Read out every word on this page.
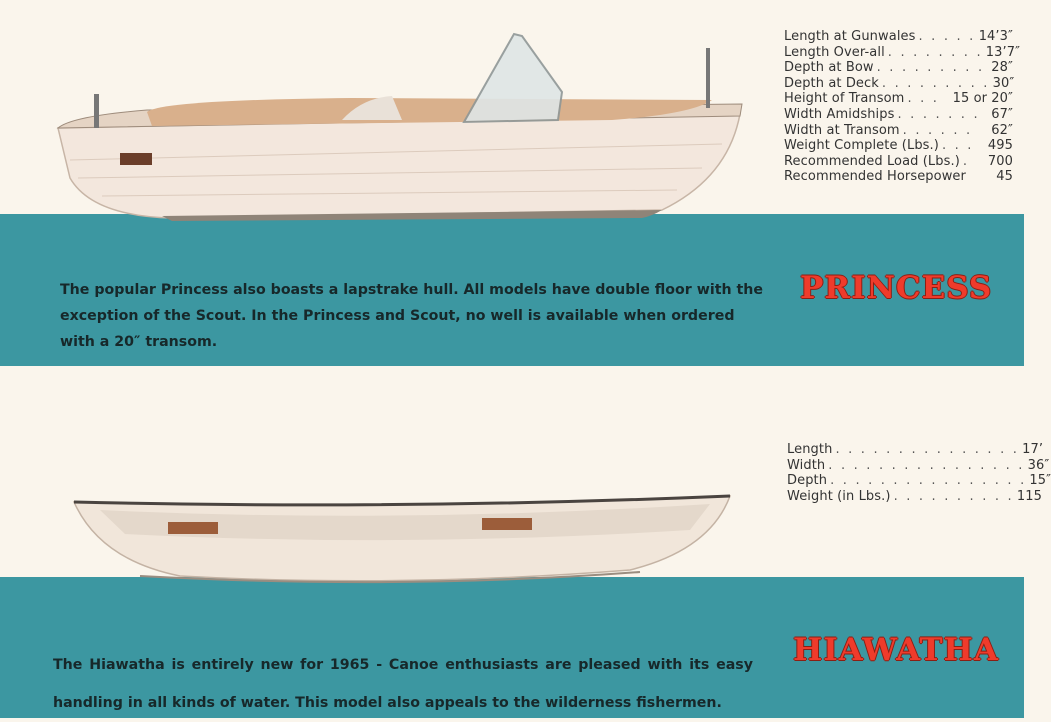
Length at Gunwales . . . . . 14’3″
Length Over-all . . . . . . . . 13’7″
Depth at Bow . . . . . . . . . 28″
Depth at Deck . . . . . . . . . 30″
Height of Transom . . .	15 or 20″
Width Amidships . . . . . . . 67″
Width at Transom . . . . . .	62″
Weight Complete (Lbs.) . . .	495
Recommended Load (Lbs.) .	700
Recommended Horsepower 45
The popular Princess also boasts a lapstrake hull. All models have double floor with the exception of the Scout. In the Princess and Scout, no well is available when ordered with a 20″ transom.
PRINCESS
Length . . . . . . . . . . . . . . . 17’
Width . . . . . . . . . . . . . . . . 36″
Depth . . . . . . . . . . . . . . . . 15″
Weight (in Lbs.) . . . . . . . . . . 115
The Hiawatha is entirely new for 1965 - Canoe enthusiasts are pleased with its easy handling in all kinds of water. This model also appeals to the wilderness fishermen.
HIAWATHA
